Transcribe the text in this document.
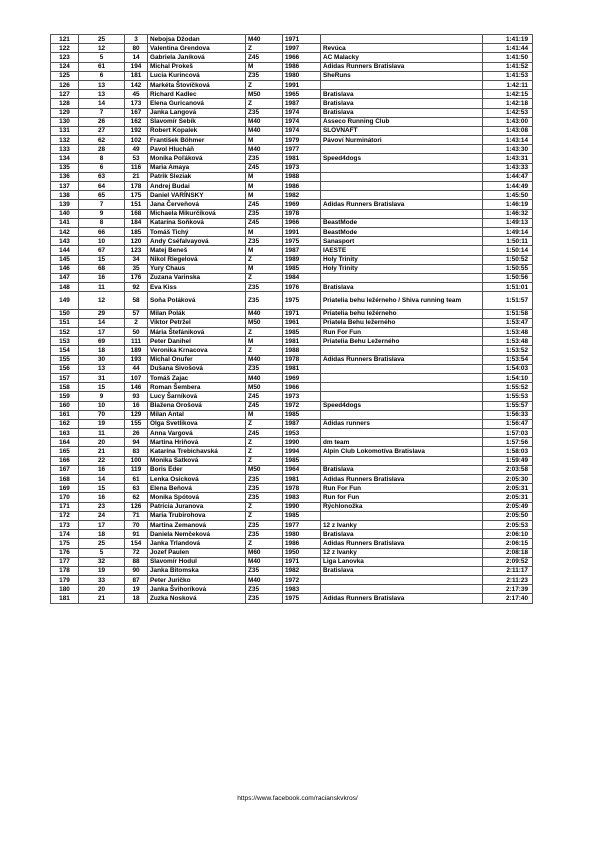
121	25	3	Nebojsa Džodan	M40	1971		1:41:19
122	12	80	Valentina Grendova	Z	1997	Revúca	1:41:44
123	5	14	Gabriela Janíková	Z45	1966	AC Malacky	1:41:50
124	61	194	Michal Prokeš	M	1986	Adidas Runners Bratislava	1:41:52
125	6	181	Lucia Kurincová	Z35	1980	SheRuns	1:41:53
126	13	142	Markéta Štovíčková	Z	1991		1:42:11
127	13	45	Richard Kadlec	M50	1965	Bratislava	1:42:15
128	14	173	Elena Guricanová	Z	1987	Bratislava	1:42:18
129	7	167	Janka Langová	Z35	1974	Bratislava	1:42:53
130	26	162	Slavomír Šebík	M40	1974	Asseco Running Club	1:43:00
131	27	192	Robert Kopalek	M40	1974	SLOVNAFT	1:43:08
132	62	102	František Böhmer	M	1979	Pávoví Nurminátori	1:43:14
133	28	49	Pavol Hlucháň	M40	1977		1:43:30
134	8	53	Monika Poľáková	Z35	1981	Speed4dogs	1:43:31
135	6	116	Maria Amaya	Z45	1973		1:43:33
136	63	21	Patrik Sleziak	M	1988		1:44:47
137	64	178	Andrej Budai	M	1986		1:44:49
138	65	175	Daniel VARÍNSKY	M	1982		1:45:50
139	7	151	Jana Červeňová	Z45	1969	Adidas Runners Bratislava	1:46:19
140	9	168	Michaela Mikurčíková	Z35	1978		1:46:32
141	8	184	Katarína Soňková	Z45	1966	BeastMode	1:49:13
142	66	185	Tomáš Tichý	M	1991	BeastMode	1:49:14
143	10	120	Andy Cséfalvayová	Z35	1975	Sanasport	1:50:11
144	67	123	Matej Beneš	M	1987	IAESTE	1:50:14
145	15	34	Nikol Riegelová	Z	1989	Holy Trinity	1:50:52
146	68	35	Yury Chaus	M	1985	Holy Trinity	1:50:55
147	16	176	Zuzana Varinska	Z	1984		1:50:56
148	11	92	Eva Kiss	Z35	1976	Bratislava	1:51:01
149	12	58	Soňa Poláková	Z35	1975	Priatelia behu ležérneho / Shiva running team	1:51:57
150	29	57	Milan Polák	M40	1971	Priatelia behu ležérneho	1:51:58
151	14	2	Viktor Petržel	M50	1961	Priatela Behu ležerného	1:53:47
152	17	50	Mária Štefániková	Z	1985	Run For Fun	1:53:48
153	69	111	Peter Danihel	M	1981	Priatelia Behu Ležerného	1:53:48
154	18	189	Veronika Krnacova	Z	1988		1:53:52
155	30	193	Michal Onufer	M40	1978	Adidas Runners Bratislava	1:53:54
156	13	44	Dušana Sivošová	Z35	1981		1:54:03
157	31	107	Tomáš Zajac	M40	1969		1:54:10
158	15	146	Roman Šembera	M50	1966		1:55:52
159	9	93	Lucy Šarníková	Z45	1973		1:55:53
160	10	16	Blažena Orošová	Z45	1972	Speed4dogs	1:55:57
161	70	129	Milan Antal	M	1985		1:56:33
162	19	155	Olga Svetlikova	Z	1987	Adidas runners	1:56:47
163	11	26	Anna Vargová	Z45	1953		1:57:03
164	20	94	Martina Hriňová	Z	1990	dm team	1:57:56
165	21	83	Katarína Trebichavská	Z	1994	Alpin Club Lokomotíva Bratislava	1:58:03
166	22	100	Monika Satková	Z	1985		1:59:49
167	16	119	Boris Éder	M50	1964	Bratislava	2:03:58
168	14	61	Lenka Osicková	Z35	1981	Adidas Runners Bratislava	2:05:30
169	15	63	Elena Beňová	Z35	1978	Run For Fun	2:05:31
170	16	62	Monika Spótová	Z35	1983	Run for Fun	2:05:31
171	23	126	Patrícia Juranova	Z	1990	Rýchlonožka	2:05:49
172	24	71	Maria Trubirohova	Z	1985		2:05:50
173	17	70	Martina Zemanová	Z35	1977	12 z Ivanky	2:05:53
174	18	91	Daniela Nemčeková	Z35	1980	Bratislava	2:06:10
175	25	154	Janka Trlandová	Z	1986	Adidas Runners Bratislava	2:06:15
176	5	72	Jozef Paulen	M60	1950	12 z Ivanky	2:08:18
177	32	88	Slavomír Hodul	M40	1971	Liga Lanovka	2:09:52
178	19	90	Janka Bitomska	Z35	1982	Bratislava	2:11:17
179	33	87	Peter Juričko	M40	1972		2:11:23
180	20	19	Janka Švihoríková	Z35	1983		2:17:39
181	21	18	Zuzka Nosková	Z35	1975	Adidas Runners Bratislava	2:17:40
https://www.facebook.com/racianskvkros/
